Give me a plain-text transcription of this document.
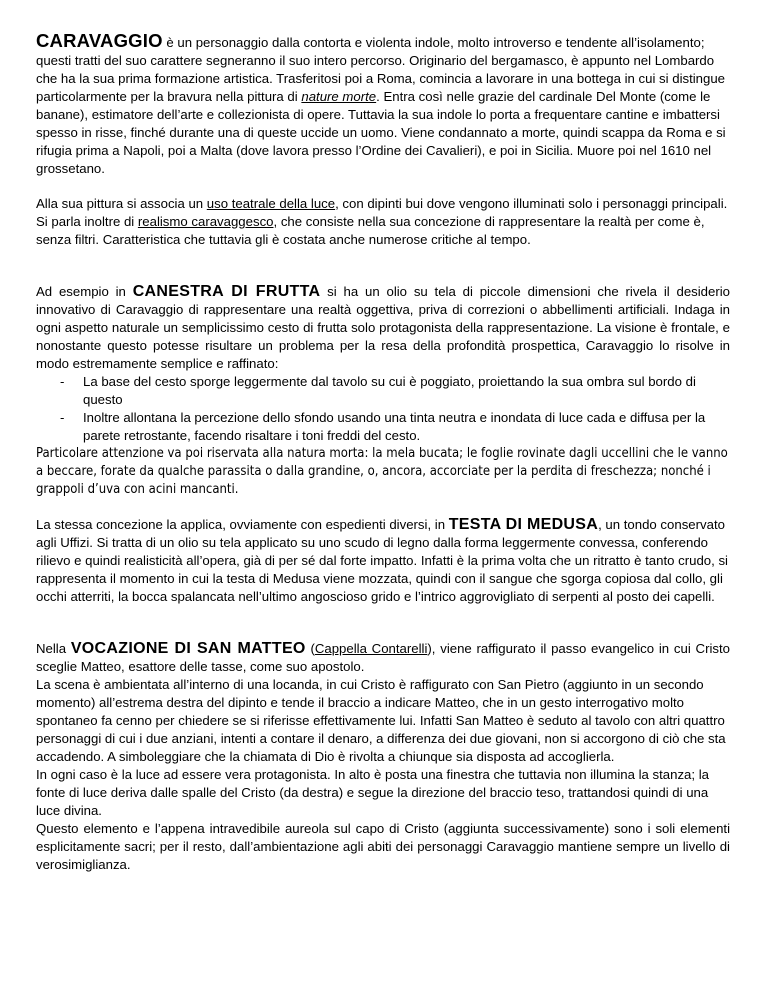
CARAVAGGIO è un personaggio dalla contorta e violenta indole, molto introverso e tendente all’isolamento; questi tratti del suo carattere segneranno il suo intero percorso. Originario del bergamasco, è appunto nel Lombardo che ha la sua prima formazione artistica. Trasferitosi poi a Roma, comincia a lavorare in una bottega in cui si distingue particolarmente per la bravura nella pittura di nature morte. Entra così nelle grazie del cardinale Del Monte (come le banane), estimatore dell’arte e collezionista di opere. Tuttavia la sua indole lo porta a frequentare cantine e imbattersi spesso in risse, finché durante una di queste uccide un uomo. Viene condannato a morte, quindi scappa da Roma e si rifugia prima a Napoli, poi a Malta (dove lavora presso l’Ordine dei Cavalieri), e poi in Sicilia. Muore poi nel 1610 nel grossetano.

Alla sua pittura si associa un uso teatrale della luce, con dipinti bui dove vengono illuminati solo i personaggi principali.

Si parla inoltre di realismo caravaggesco, che consiste nella sua concezione di rappresentare la realtà per come è, senza filtri. Caratteristica che tuttavia gli è costata anche numerose critiche al tempo.

Ad esempio in CANESTRA DI FRUTTA si ha un olio su tela di piccole dimensioni che rivela il desiderio innovativo di Caravaggio di rappresentare una realtà oggettiva, priva di correzioni o abbellimenti artificiali. Indaga in ogni aspetto naturale un semplicissimo cesto di frutta solo protagonista della rappresentazione. La visione è frontale, e nonostante questo potesse risultare un problema per la resa della profondità prospettica, Caravaggio lo risolve in modo estremamente semplice e raffinato:

- La base del cesto sporge leggermente dal tavolo su cui è poggiato, proiettando la sua ombra sul bordo di questo
- Inoltre allontana la percezione dello sfondo usando una tinta neutra e inondata di luce cada e diffusa per la parete retrostante, facendo risaltare i toni freddi del cesto.

Particolare attenzione va poi riservata alla natura morta: la mela bucata; le foglie rovinate dagli uccellini che le vanno a beccare, forate da qualche parassita o dalla grandine, o, ancora, accorciate per la perdita di freschezza; nonché i grappoli d’uva con acini mancanti.

La stessa concezione la applica, ovviamente con espedienti diversi, in TESTA DI MEDUSA, un tondo conservato agli Uffizi. Si tratta di un olio su tela applicato su uno scudo di legno dalla forma leggermente convessa, conferendo rilievo e quindi realisticità all’opera, già di per sé dal forte impatto. Infatti è la prima volta che un ritratto è tanto crudo, si rappresenta il momento in cui la testa di Medusa viene mozzata, quindi con il sangue che sgorga copiosa dal collo, gli occhi atterriti, la bocca spalancata nell’ultimo angoscioso grido e l’intrico aggrovigliato di serpenti al posto dei capelli.

Nella VOCAZIONE DI SAN MATTEO (Cappella Contarelli), viene raffigurato il passo evangelico in cui Cristo sceglie Matteo, esattore delle tasse, come suo apostolo.

La scena è ambientata all’interno di una locanda, in cui Cristo è raffigurato con San Pietro (aggiunto in un secondo momento) all’estrema destra del dipinto e tende il braccio a indicare Matteo, che in un gesto interrogativo molto spontaneo fa cenno per chiedere se si riferisse effettivamente lui. Infatti San Matteo è seduto al tavolo con altri quattro personaggi di cui i due anziani, intenti a contare il denaro, a differenza dei due giovani, non si accorgono di ciò che sta accadendo. A simboleggiare che la chiamata di Dio è rivolta a chiunque sia disposta ad accoglierla.

In ogni caso è la luce ad essere vera protagonista. In alto è posta una finestra che tuttavia non illumina la stanza; la fonte di luce deriva dalle spalle del Cristo (da destra) e segue la direzione del braccio teso, trattandosi quindi di una luce divina.

Questo elemento e l’appena intravedibile aureola sul capo di Cristo (aggiunta successivamente) sono i soli elementi esplicitamente sacri; per il resto, dall’ambientazione agli abiti dei personaggi Caravaggio mantiene sempre un livello di verosimiglianza.
